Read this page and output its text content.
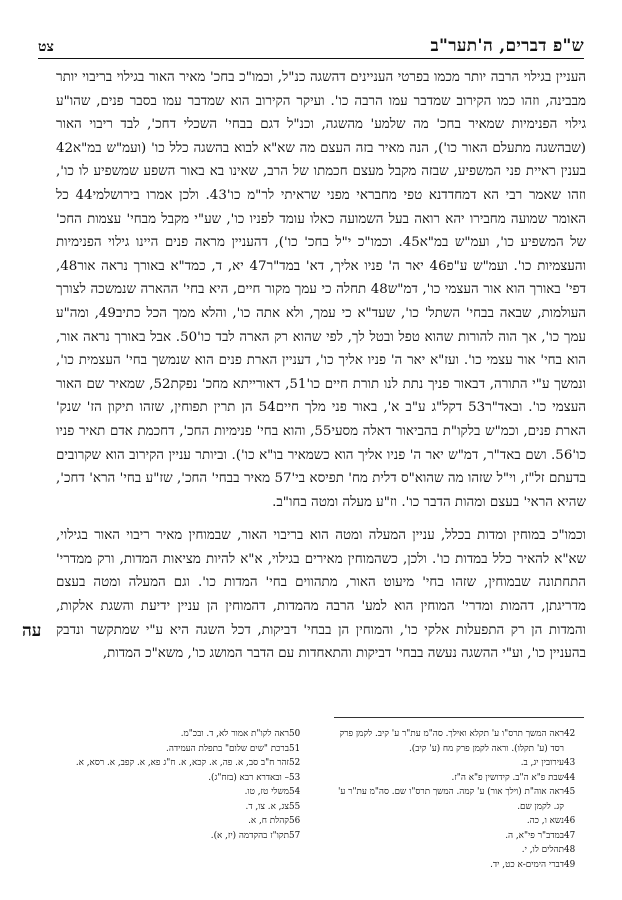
ש"פ דברים, ה'תער"ב
צט

העניין בגילוי הרבה יותר מכמו בפרטי העניינים דהשגה כנ"ל, וכמו"כ בחכ' מאיר האור בגילוי בריבוי יותר מבבינה, וזהו כמו הקירוב שמדבר עמו הרבה כו'. ועיקר הקירוב הוא שמדבר עמו בסבר פנים, שהו"ע גילוי הפנימיות שמאיר בחכ' מה שלמע' מהשגה, וכנ"ל דגם בבחי' השכלי דחכ', לבד ריבוי האור (שבהשגה מתעלם האור כו'), הנה מאיר בזה העצם מה שא"א לבוא בהשגה כלל כו' (ועמ"ש במ"א42 בענין ראיית פני המשפיע, שבזה מקבל מעצם חכמתו של הרב, שאינו בא באור השפע שמשפיע לו כו', וזהו שאמר רבי הא דמחדדנא טפי מחבראי מפני שראיתי לר"מ כו'43. ולכן אמרו בירושלמי44 כל האומר שמועה מחבירו יהא רואה בעל השמועה כאלו עומד לפניו כו', שע"י מקבל מבחי' עצמות החכ' של המשפיע כו', ועמ"ש במ"א45. וכמו"כ י"ל בחכ' כו'), דהעניין מראה פנים היינו גילוי הפנימיות והעצמיות כו'. ועמ"ש ע"פ46 יאר ה' פניו אליך, דא' במד"ר47 יא, ד, כמד"א באורך נראה אור48, דפי' באורך הוא אור העצמי כו', דמ"ש48 תחלה כי עמך מקור חיים, היא בחי' ההארה שנמשכה לצורך העולמות, שבאה בבחי' השתל' כו', שעד"א כי עמך, ולא אתה כו', והלא ממך הכל כתיב49, ומה"ע עמך כו', אך הוה להורות שהוא טפל ובטל לך, לפי שהוא רק הארה לבד כו'50. אבל באורך נראה אור, הוא בחי' אור עצמי כו'. ועז"א יאר ה' פניו אליך כו', דעניין הארת פנים הוא שנמשך בחי' העצמית כו', ונמשך ע"י התורה, דבאור פניך נתת לנו תורת חיים כו'51, דאורייתא מחכ' נפקת52, שמאיר שם האור העצמי כו'. ובאד"ר53 דקל"ג ע"ב א', באור פני מלך חיים54 הן תרין תפוחין, שזהו תיקון הז' שנק' הארת פנים, וכמ"ש בלקו"ת בהביאור דאלה מסעי55, והוא בחי' פנימיות החכ', דחכמת אדם תאיר פניו כו'56. ושם באד"ר, דמ"ש יאר ה' פניו אליך הוא כשמאיר בו"א כו'). וביותר עניין הקירוב הוא שקרובים בדעתם זל"ז, וי"ל שזהו מה שהוא"ס דלית מח' תפיסא בי'57 מאיר בבחי' החכ', שז"ע בחי' הרא' דחכ', שהיא הראי' בעצם ומהות הדבר כו'. וז"ע מעלה ומטה בחו"ב.

וכמו"כ במוחין ומדות בכלל, עניין המעלה ומטה הוא בריבוי האור, שבמוחין מאיר ריבוי האור בגילוי, שא"א להאיר כלל במדות כו'. ולכן, כשהמוחין מאירים בגילוי, א"א להיות מציאות המדות, ורק ממדרי' התחתונה שבמוחין, שזהו בחי' מיעוט האור, מתהווים בחי' המדות כו'. וגם המעלה ומטה בעצם מדריגתן, דהמות ומדרי' המוחין הוא למע' הרבה מהמדות, דהמוחין הן עניין ידיעת והשגת אלקות, והמדות הן רק התפעלות אלקי כו', והמוחין הן בבחי' דביקות, דכל השגה היא ע"י שמתקשר ונדבק בהעניין כו', וע"י ההשגה נעשה בבחי' דביקות והתאחדות עם הדבר המושג כו', משא"כ המדות,

עה
42
ראה המשך תרס"ו ע' תקלא ואילך. סה"מ עת"ר ע' קיב. לקמן פרק רסד (ע' תקלו). וראה לקמן פרק מח (ע' קיב).
43
עירובין יג, ב.
44
שבת פ"א ה"ב. קידושין פ"א ה"ז.
45
ראה אוה"ת (וילך אור) ע' קמה. המשך תרס"ו שם. סה"מ עת"ר ע' קג. לקמן שם.
46
נשא ו, כה.
47
במדב"ר פי"א, ה.
48
תהלים לו, י.
49
דברי הימים-א כט, יד.
50
ראה לקו"ת אמור לא, ד. ובכ"מ.
51
ברכת "שים שלום" בתפלת העמידה.
52
זהר ח"ב סב, א. פה, א. קכא, א. ח"ג פא, א. קפב, א. רסא, א.
53
– ובאדרא רבא (בזח"ג).
54
משלי טז, טו.
55
צג, א. צו, ד.
56
קהלת ח, א.
57
תקו"ז בהקדמה (יז, א).
